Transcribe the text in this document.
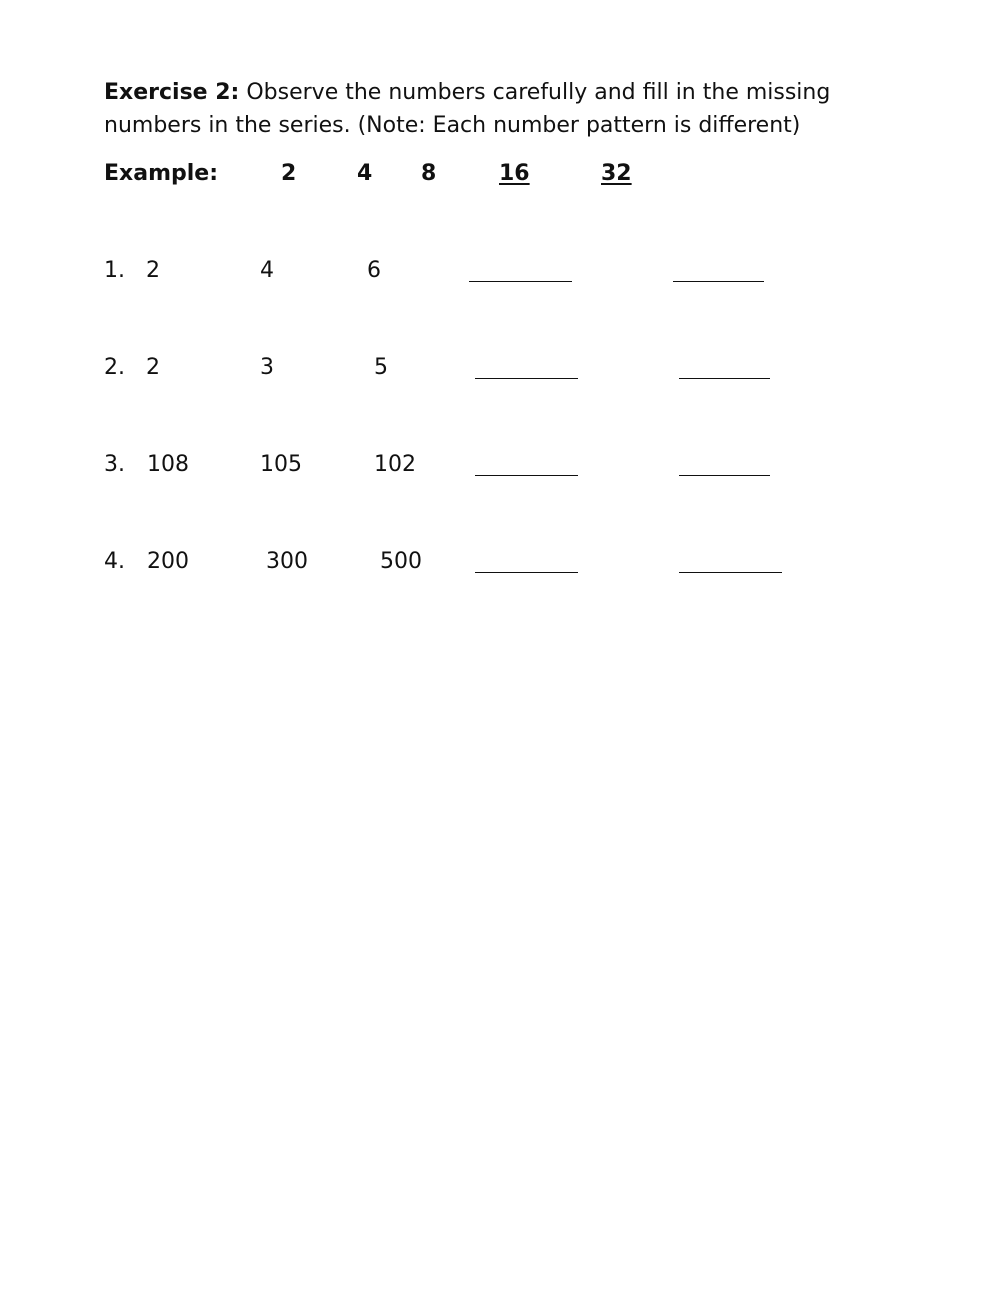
Exercise 2: Observe the numbers carefully and fill in the missing numbers in the series. (Note: Each number pattern is different)
Example:	2	4 8	16	32
1. 2	4	6
2. 2	3	5
3. 108	105	102
4. 200	300	500
